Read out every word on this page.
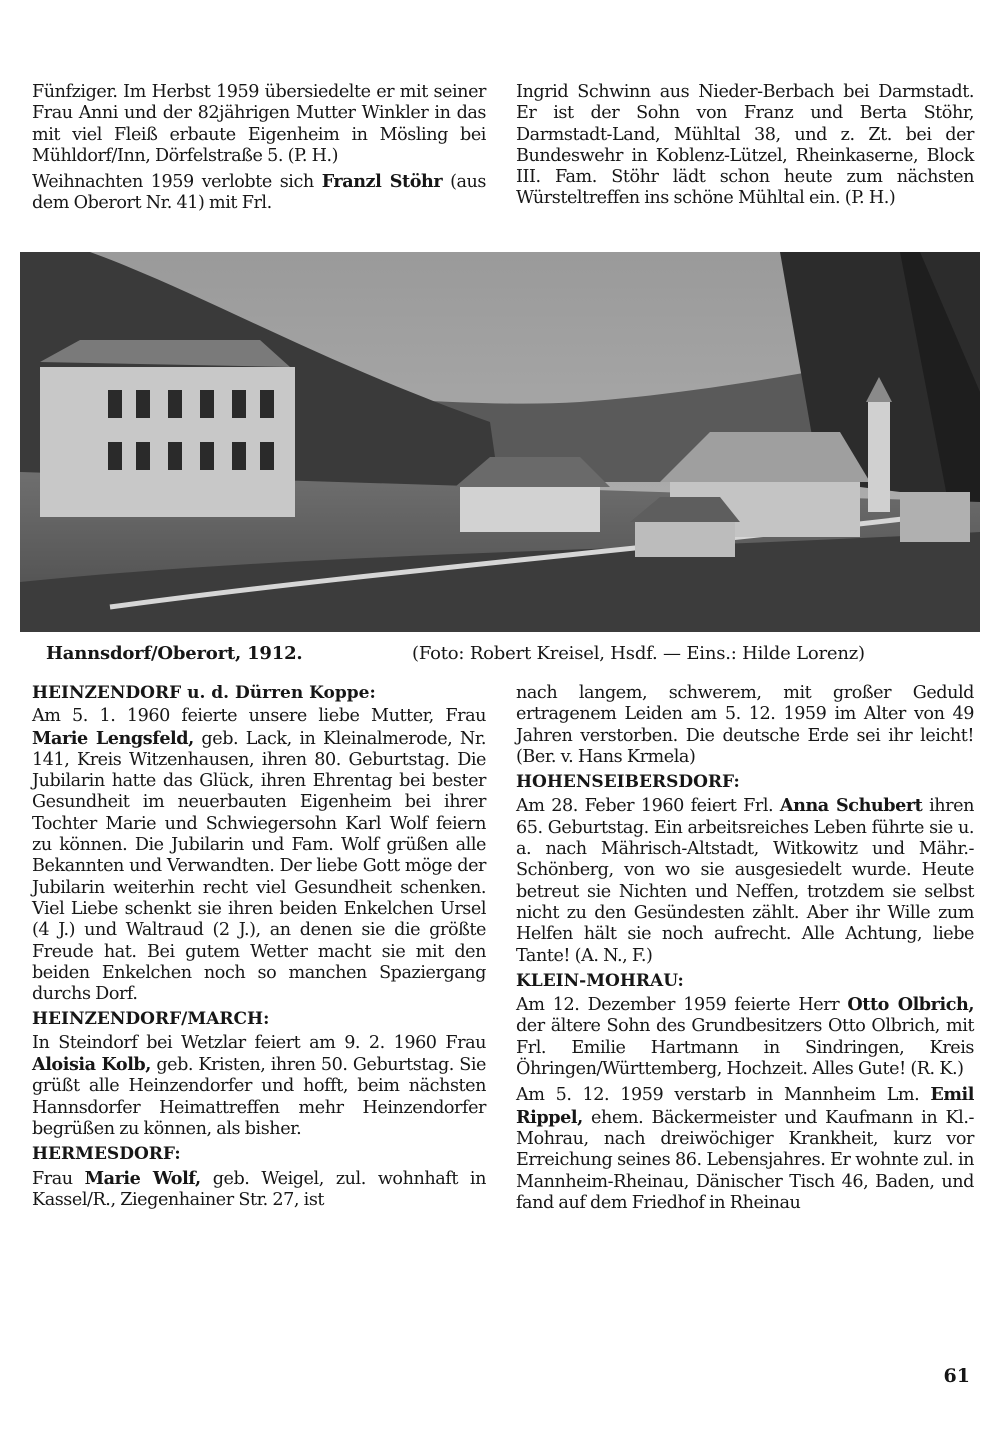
Fünfziger. Im Herbst 1959 übersiedelte er mit seiner Frau Anni und der 82jährigen Mutter Winkler in das mit viel Fleiß erbaute Eigenheim in Mösling bei Mühldorf/Inn, Dörfelstraße 5. (P. H.)

Weihnachten 1959 verlobte sich Franzl Stöhr (aus dem Oberort Nr. 41) mit Frl.

Ingrid Schwinn aus Nieder-Berbach bei Darmstadt. Er ist der Sohn von Franz und Berta Stöhr, Darmstadt-Land, Mühltal 38, und z. Zt. bei der Bundeswehr in Koblenz-Lützel, Rheinkaserne, Block III. Fam. Stöhr lädt schon heute zum nächsten Würsteltreffen ins schöne Mühltal ein. (P. H.)

Hannsdorf/Oberort, 1912.	(Foto: Robert Kreisel, Hsdf. — Eins.: Hilde Lorenz)
HEINZENDORF u. d. Dürren Koppe:

Am 5. 1. 1960 feierte unsere liebe Mutter, Frau Marie Lengsfeld, geb. Lack, in Kleinalmerode, Nr. 141, Kreis Witzenhausen, ihren 80. Geburtstag. Die Jubilarin hatte das Glück, ihren Ehrentag bei bester Gesundheit im neuerbauten Eigenheim bei ihrer Tochter Marie und Schwiegersohn Karl Wolf feiern zu können. Die Jubilarin und Fam. Wolf grüßen alle Bekannten und Verwandten. Der liebe Gott möge der Jubilarin weiterhin recht viel Gesundheit schenken. Viel Liebe schenkt sie ihren beiden Enkelchen Ursel (4 J.) und Waltraud (2 J.), an denen sie die größte Freude hat. Bei gutem Wetter macht sie mit den beiden Enkelchen noch so manchen Spaziergang durchs Dorf.

HEINZENDORF/MARCH:

In Steindorf bei Wetzlar feiert am 9. 2. 1960 Frau Aloisia Kolb, geb. Kristen, ihren 50. Geburtstag. Sie grüßt alle Heinzendorfer und hofft, beim nächsten Hannsdorfer Heimattreffen mehr Heinzendorfer begrüßen zu können, als bisher.

HERMESDORF:

Frau Marie Wolf, geb. Weigel, zul. wohnhaft in Kassel/R., Ziegenhainer Str. 27, ist

nach langem, schwerem, mit großer Geduld ertragenem Leiden am 5. 12. 1959 im Alter von 49 Jahren verstorben. Die deutsche Erde sei ihr leicht! (Ber. v. Hans Krmela)

HOHENSEIBERSDORF:

Am 28. Feber 1960 feiert Frl. Anna Schubert ihren 65. Geburtstag. Ein arbeitsreiches Leben führte sie u. a. nach Mährisch-Altstadt, Witkowitz und Mähr.-Schönberg, von wo sie ausgesiedelt wurde. Heute betreut sie Nichten und Neffen, trotzdem sie selbst nicht zu den Gesündesten zählt. Aber ihr Wille zum Helfen hält sie noch aufrecht. Alle Achtung, liebe Tante! (A. N., F.)

KLEIN-MOHRAU:

Am 12. Dezember 1959 feierte Herr Otto Olbrich, der ältere Sohn des Grundbesitzers Otto Olbrich, mit Frl. Emilie Hartmann in Sindringen, Kreis Öhringen/Württemberg, Hochzeit. Alles Gute! (R. K.)

Am 5. 12. 1959 verstarb in Mannheim Lm. Emil Rippel, ehem. Bäckermeister und Kaufmann in Kl.-Mohrau, nach dreiwöchiger Krankheit, kurz vor Erreichung seines 86. Lebensjahres. Er wohnte zul. in Mannheim-Rheinau, Dänischer Tisch 46, Baden, und fand auf dem Friedhof in Rheinau

61
